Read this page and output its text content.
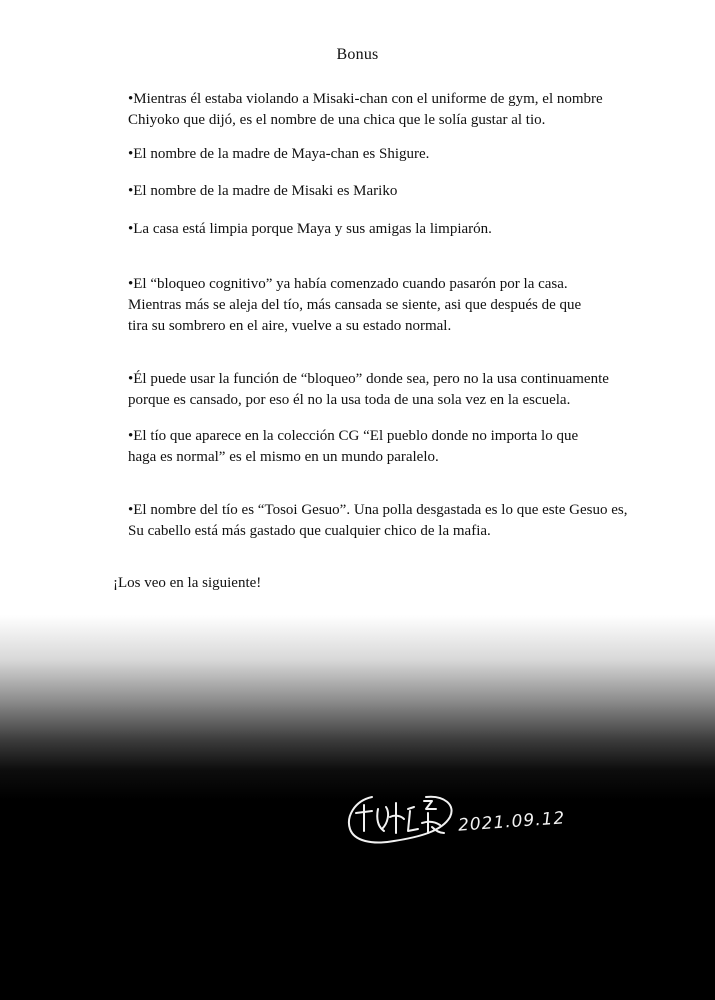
Bonus
•Mientras él estaba violando a Misaki-chan con el uniforme de gym, el nombre
Chiyoko que dijó, es el nombre de una chica que le solía gustar al tio.
•El nombre de la madre de Maya-chan es Shigure.
•El nombre de la madre de Misaki es Mariko
•La casa está limpia porque Maya y sus amigas la limpiarón.
•El “bloqueo cognitivo” ya había comenzado cuando pasarón por la casa.
Mientras más se aleja del tío, más cansada se siente, asi que después de que
tira su sombrero en el aire, vuelve a su estado normal.
•Él puede usar la función de “bloqueo” donde sea, pero no la usa continuamente
porque es cansado, por eso él no la usa toda de una sola vez en la escuela.
•El tío que aparece en la colección CG “El pueblo donde no importa lo que
haga es normal” es el mismo en un mundo paralelo.
•El nombre del tío es “Tosoi Gesuo”. Una polla desgastada es lo que este Gesuo es,
Su cabello está más gastado que cualquier chico de la mafia.
¡Los veo en la siguiente!
2021.09.12
